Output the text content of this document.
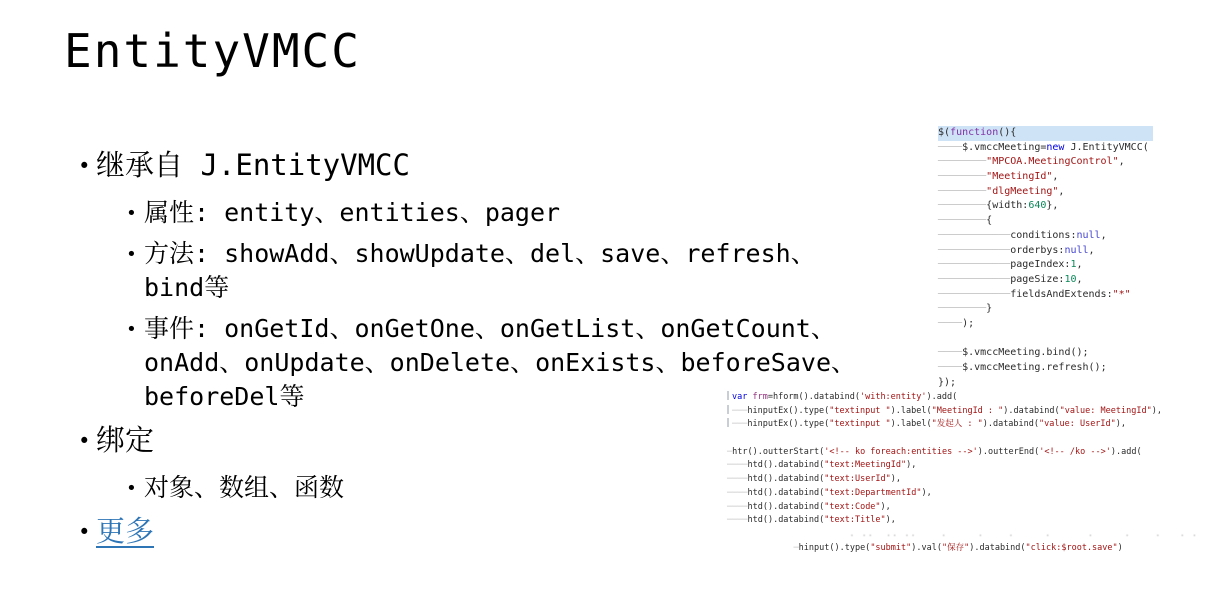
EntityVMCC
• 继承自 J.EntityVMCC
• 属性: entity、entities、pager
• 方法: showAdd、showUpdate、del、save、refresh、
bind等
• 事件: onGetId、onGetOne、onGetList、onGetCount、
onAdd、onUpdate、onDelete、onExists、beforeSave、
beforeDel等
• 绑定
• 对象、数组、函数
• 更多
$(function(){
────$.vmccMeeting=new J.EntityVMCC(
────────"MPCOA.MeetingControl",
────────"MeetingId",
────────"dlgMeeting",
────────{width:640},
────────{
────────────conditions:null,
────────────orderbys:null,
────────────pageIndex:1,
────────────pageSize:10,
────────────fieldsAndExtends:"*"
────────}
────);

────$.vmccMeeting.bind();
────$.vmccMeeting.refresh();
});
var frm=hform().databind('with:entity').add(
───hinputEx().type("textinput ").label("MeetingId : ").databind("value: MeetingId"),
───hinputEx().type("textinput ").label("发起人 : ").databind("value: UserId"),

─htr().outterStart('<!-- ko foreach:entities -->').outterEnd('<!-- /ko -->').add(
────htd().databind("text:MeetingId"),
────htd().databind("text:UserId"),
────htd().databind("text:DepartmentId"),
────htd().databind("text:Code"),
────htd().databind("text:Title"),
. ..  .. ..    .     .    .     .      .     .    .   . .
─hinput().type("submit").val("保存").databind("click:$root.save")
